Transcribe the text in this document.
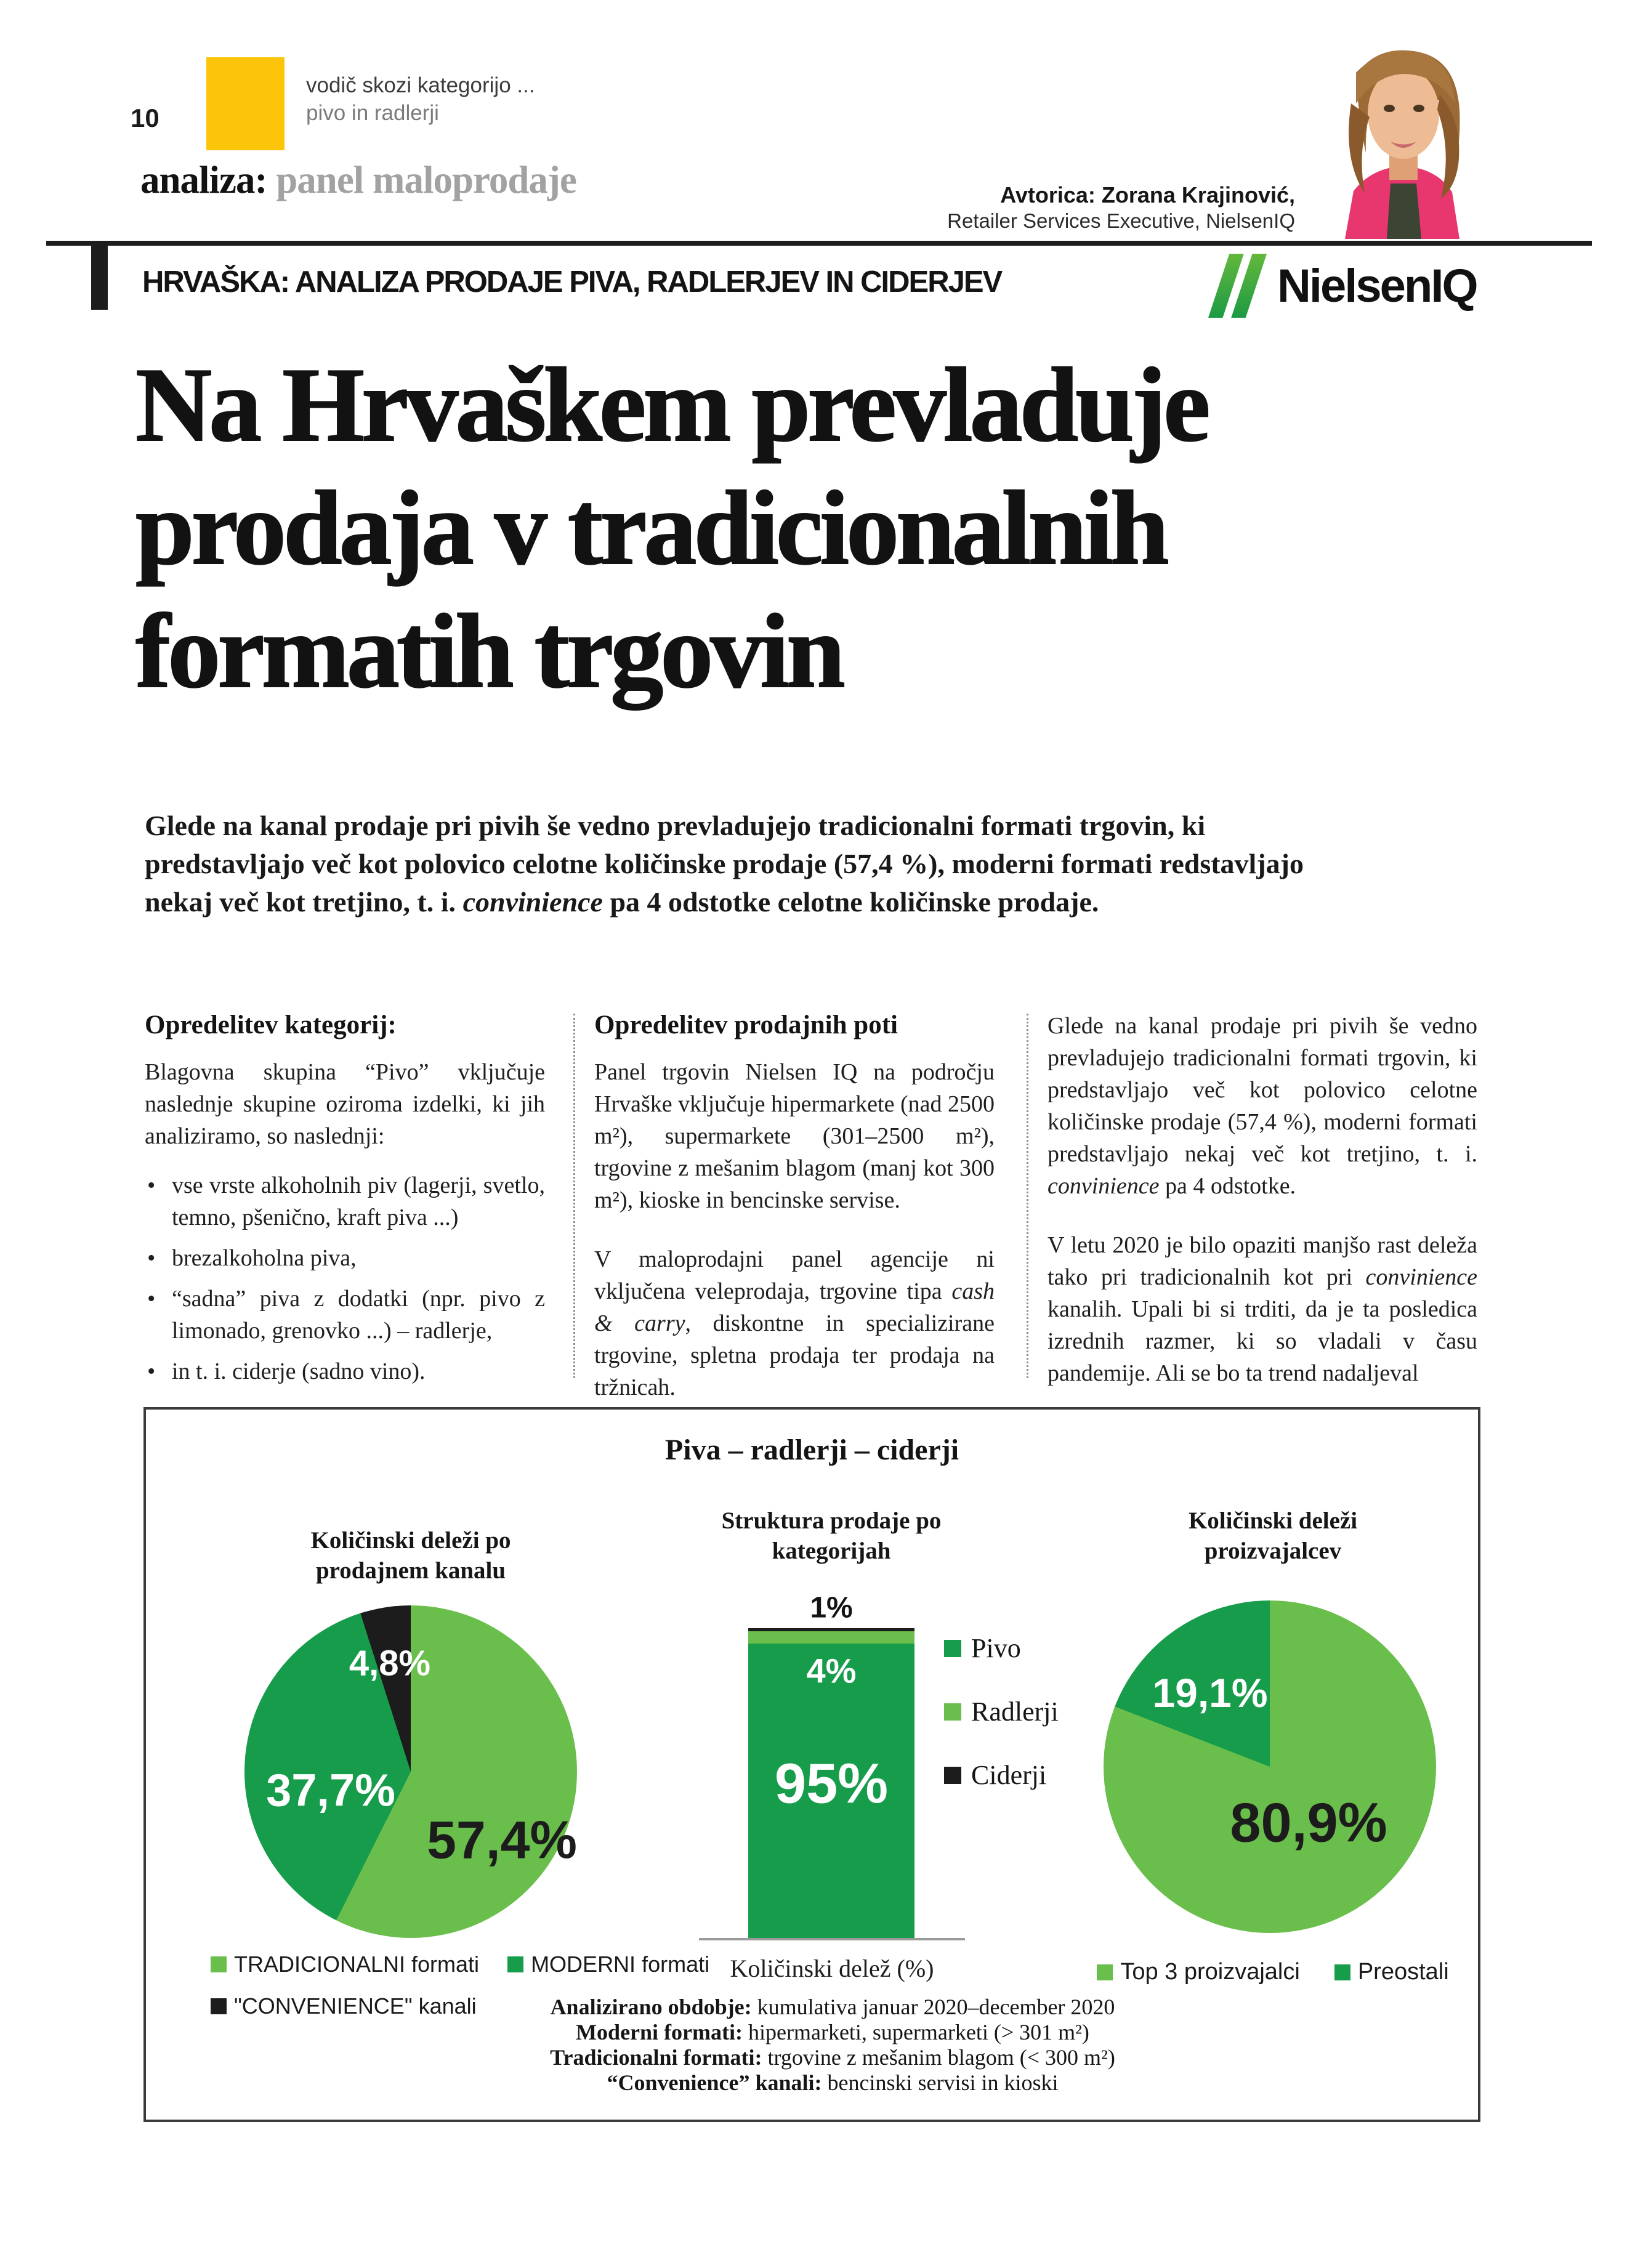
10
vodič skozi kategorijo ...
pivo in radlerji
analiza: panel maloprodaje	Avtorica: Zorana Krajinović,
Retailer Services Executive, NielsenIQ
HRVAŠKA: ANALIZA PRODAJE PIVA, RADLERJEV IN CIDERJEV	NielsenIQ
Na Hrvaškem prevladuje
prodaja v tradicionalnih
formatih trgovin
Glede na kanal prodaje pri pivih še vedno prevladujejo tradicionalni formati trgovin, ki predstavljajo več kot polovico celotne količinske prodaje (57,4 %), moderni formati redstavljajo nekaj več kot tretjino, t. i. convinience pa 4 odstotke celotne količinske prodaje.
Opredelitev kategorij:

Blagovna skupina “Pivo” vključuje naslednje skupine oziroma izdelki, ki jih analiziramo, so naslednji:

• vse vrste alkoholnih piv (lagerji, svetlo, temno, pšenično, kraft piva ...)
• brezalkoholna piva,
• “sadna” piva z dodatki (npr. pivo z limonado, grenovko ...) – radlerje,
• in t. i. ciderje (sadno vino).
Opredelitev prodajnih poti

Panel trgovin Nielsen IQ na področju Hrvaške vključuje hipermarkete (nad 2500 m²), supermarkete (301–2500 m²), trgovine z mešanim blagom (manj kot 300 m²), kioske in bencinske servise.

V maloprodajni panel agencije ni vključena veleprodaja, trgovine tipa cash & carry, diskontne in specializirane trgovine, spletna prodaja ter prodaja na tržnicah.

Glede na kanal prodaje pri pivih še vedno prevladujejo tradicionalni formati trgovin, ki predstavljajo več kot polovico celotne količinske prodaje (57,4 %), moderni formati predstavljajo nekaj več kot tretjino, t. i. convinience pa 4 odstotke.

V letu 2020 je bilo opaziti manjšo rast deleža tako pri tradicionalnih kot pri convinience kanalih. Upali bi si trditi, da je ta posledica izrednih razmer, ki so vladali v času pandemije. Ali se bo ta trend nadaljeval

Piva – radlerji – ciderji
Količinski deleži po prodajnem kanalu
Struktura prodaje po kategorijah
Količinski deleži proizvajalcev
4,8%
37,7%
57,4%
1%
4%
95%
Količinski delež (%)
Pivo
Radlerji
Ciderji
19,1%
80,9%
TRADICIONALNI formati MODERNI formati
"CONVENIENCE" kanali
Top 3 proizvajalci Preostali

Analizirano obdobje: kumulativa januar 2020–december 2020

Moderni formati: hipermarketi, supermarketi (> 301 m²)

Tradicionalni formati: trgovine z mešanim blagom (< 300 m²)

“Convenience” kanali: bencinski servisi in kioski
